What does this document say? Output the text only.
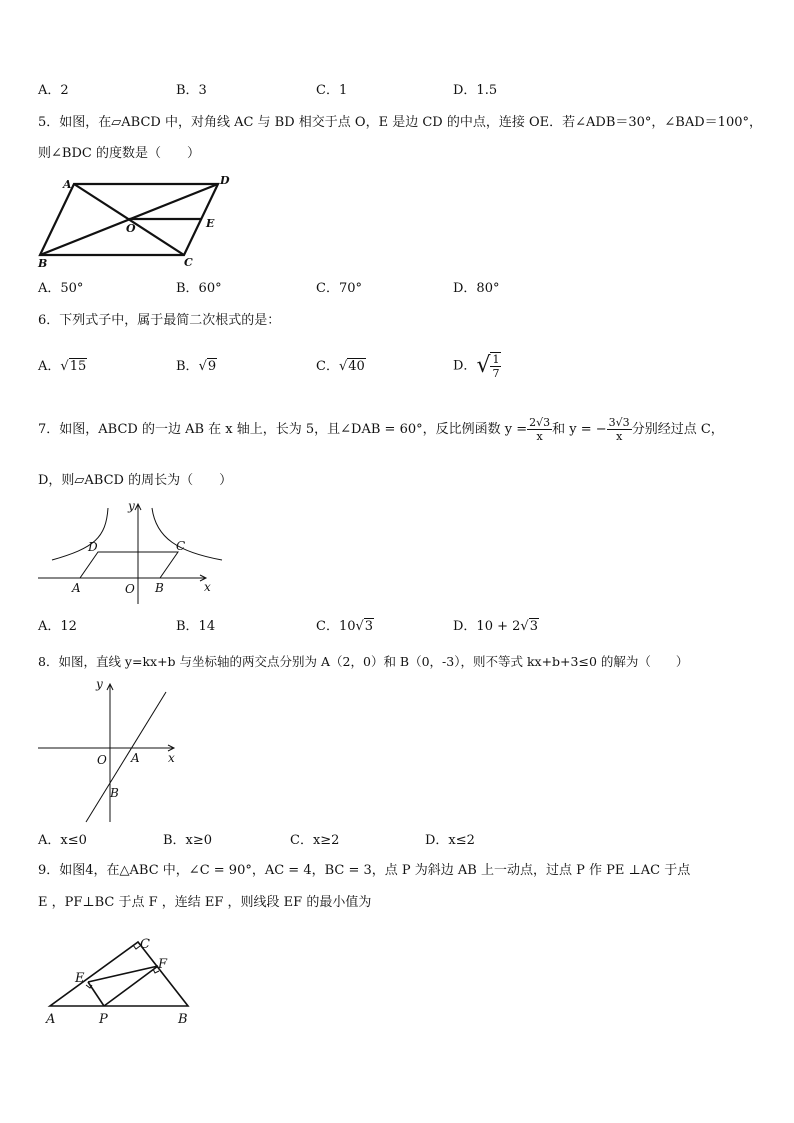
A．2	B．3	C．1	D．1.5
5．如图，在▱ABCD 中，对角线 AC 与 BD 相交于点 O，E 是边 CD 的中点，连接 OE．若∠ADB＝30°，∠BAD＝100°，
则∠BDC 的度数是（　　）
A	D
O	E
B	C
A．50°	B．60°	C．70°	D．80°
6．下列式子中，属于最简二次根式的是：
A．√15	B．√9	C．√40	D．√ $\frac{1}{7}$
7．如图，ABCD 的一边 AB 在 x 轴上，长为 5，且∠DAB = 60°，反比例函数 $y = \frac{2√3}{x}$ 和 y = − $\frac{3√3}{x}$ 分别经过点 C，
D，则▱ABCD 的周长为（　　）
y
x
D	C
A	O B
A．12	B．14	C．10√3	D．10 + 2√3
8．如图，直线 y=kx+b 与坐标轴的两交点分别为 A（2，0）和 B（0，-3），则不等式 kx+b+3≤0 的解为（　　）
y
x
O A
B
A．x≤0	B．x≥0	C．x≥2	D．x≤2
9．如图4，在△ABC 中，∠C = 90°，AC = 4，BC = 3，点 P 为斜边 AB 上一动点，过点 P 作 PE ⊥AC 于点
E ，PF⊥BC 于点 F ，连结 EF ，则线段 EF 的最小值为
C
E
F
A	P	B
